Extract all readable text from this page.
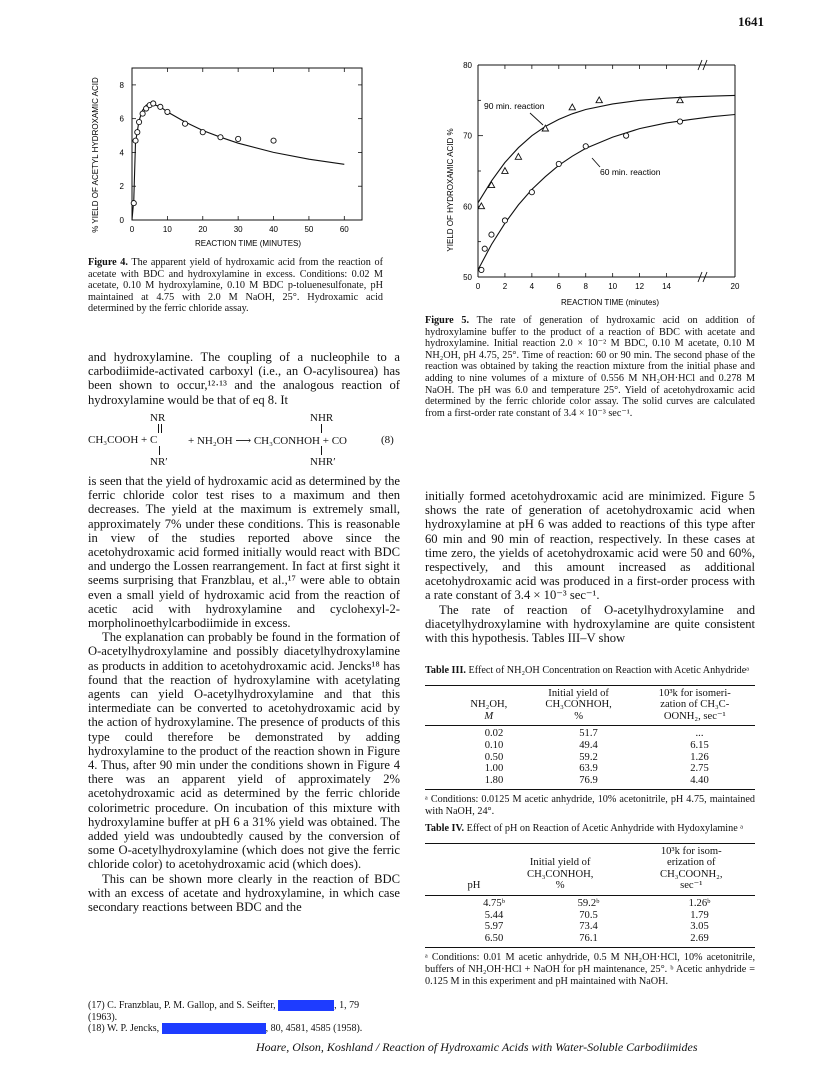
1641
% YIELD OF ACETYL HYDROXAMIC ACID
REACTION TIME (MINUTES)
0	10	20	30	40	50	60
0
2
4
6
8
Figure 4. The apparent yield of hydroxamic acid from the reaction of acetate with BDC and hydroxylamine in excess. Conditions: 0.02 M acetate, 0.10 M hydroxylamine, 0.10 M BDC p-toluenesulfonate, pH maintained at 4.75 with 2.0 M NaOH, 25°. Hydroxamic acid determined by the ferric chloride assay.
YIELD OF HYDROXAMIC ACID %
REACTION TIME (minutes)
90 min. reaction
60 min. reaction
0	2	4	6	8	10 12 14	20
50
60
70
80
Figure 5. The rate of generation of hydroxamic acid on addition of hydroxylamine buffer to the product of a reaction of BDC with acetate and hydroxylamine. Initial reaction 2.0 × 10⁻² M BDC, 0.10 M acetate, 0.10 M NH₂OH, pH 4.75, 25°. Time of reaction: 60 or 90 min. The second phase of the reaction was obtained by taking the reaction mixture from the initial phase and adding to nine volumes of a mixture of 0.556 M NH₂OH·HCl and 0.278 M NaOH. The pH was 6.0 and temperature 25°. Yield of acetohydroxamic acid determined by the ferric chloride color assay. The solid curves are calculated from a first-order rate constant of 3.4 × 10⁻³ sec⁻¹.

and hydroxylamine. The coupling of a nucleophile to a carbodiimide-activated carboxyl (i.e., an O-acylisourea) has been shown to occur,¹²·¹³ and the analogous reaction of hydroxylamine would be that of eq 8. It

NR	NHR
CH₃COOH + C	+ NH₂OH ⟶ CH₃CONHOH + CO	(8)
NR′	NHR′

is seen that the yield of hydroxamic acid as determined by the ferric chloride color test rises to a maximum and then decreases. The yield at the maximum is extremely small, approximately 7% under these conditions. This is reasonable in view of the studies reported above since the acetohydroxamic acid formed initially would react with BDC and undergo the Lossen rearrangement. In fact at first sight it seems surprising that Franzblau, et al.,¹⁷ were able to obtain even a small yield of hydroxamic acid from the reaction of acetic acid with hydroxylamine and cyclohexyl-2-morpholinoethylcarbodiimide in excess.

The explanation can probably be found in the formation of O-acetylhydroxylamine and possibly diacetylhydroxylamine as products in addition to acetohydroxamic acid. Jencks¹⁸ has found that the reaction of hydroxylamine with acetylating agents can yield O-acetylhydroxylamine and that this intermediate can be converted to acetohydroxamic acid by the action of hydroxylamine. The presence of products of this type could therefore be demonstrated by adding hydroxylamine to the product of the reaction shown in Figure 4. Thus, after 90 min under the conditions shown in Figure 4 there was an apparent yield of approximately 2% acetohydroxamic acid as determined by the ferric chloride colorimetric procedure. On incubation of this mixture with hydroxylamine buffer at pH 6 a 31% yield was obtained. The added yield was undoubtedly caused by the conversion of some O-acetylhydroxylamine (which does not give the ferric chloride color) to acetohydroxamic acid (which does).

This can be shown more clearly in the reaction of BDC with an excess of acetate and hydroxylamine, in which case secondary reactions between BDC and the

(17) C. Franzblau, P. M. Gallop, and S. Seifter,	, 1, 79
(1963).
(18) W. P. Jencks,	, 80, 4581, 4585 (1958).

initially formed acetohydroxamic acid are minimized. Figure 5 shows the rate of generation of acetohydroxamic acid when hydroxylamine at pH 6 was added to reactions of this type after 60 min and 90 min of reaction, respectively. In these cases at time zero, the yields of acetohydroxamic acid were 50 and 60%, respectively, and this amount increased as additional acetohydroxamic acid was produced in a first-order process with a rate constant of 3.4 × 10⁻³ sec⁻¹.

The rate of reaction of O-acetylhydroxylamine and diacetylhydroxylamine with hydroxylamine are quite consistent with this hypothesis. Tables III–V show

Table III. Effect of NH₂OH Concentration on Reaction with Acetic Anhydrideᵃ
	Initial yield of	10³k for isomeri-
NH₂OH,	CH₃CONHOH,	zation of CH₃C-
M	%	OONH₂, sec⁻¹
0.02	51.7	...
0.10	49.4	6.15
0.50	59.2	1.26
1.00	63.9	2.75
1.80	76.9	4.40
ᵃ Conditions: 0.0125 M acetic anhydride, 10% acetonitrile, pH 4.75, maintained with NaOH, 24°.
Table IV. Effect of pH on Reaction of Acetic Anhydride with Hydoxylamine ᵃ
		10³k for isom-
	Initial yield of	erization of
	CH₃CONHOH,	CH₃COONH₂,
pH	%	sec⁻¹
4.75ᵇ	59.2ᵇ	1.26ᵇ
5.44	70.5	1.79
5.97	73.4	3.05
6.50	76.1	2.69
ᵃ Conditions: 0.01 M acetic anhydride, 0.5 M NH₂OH·HCl, 10% acetonitrile, buffers of NH₂OH·HCl + NaOH for pH maintenance, 25°. ᵇ Acetic anhydride = 0.125 M in this experiment and pH maintained with NaOH.
Hoare, Olson, Koshland / Reaction of Hydroxamic Acids with Water-Soluble Carbodiimides
